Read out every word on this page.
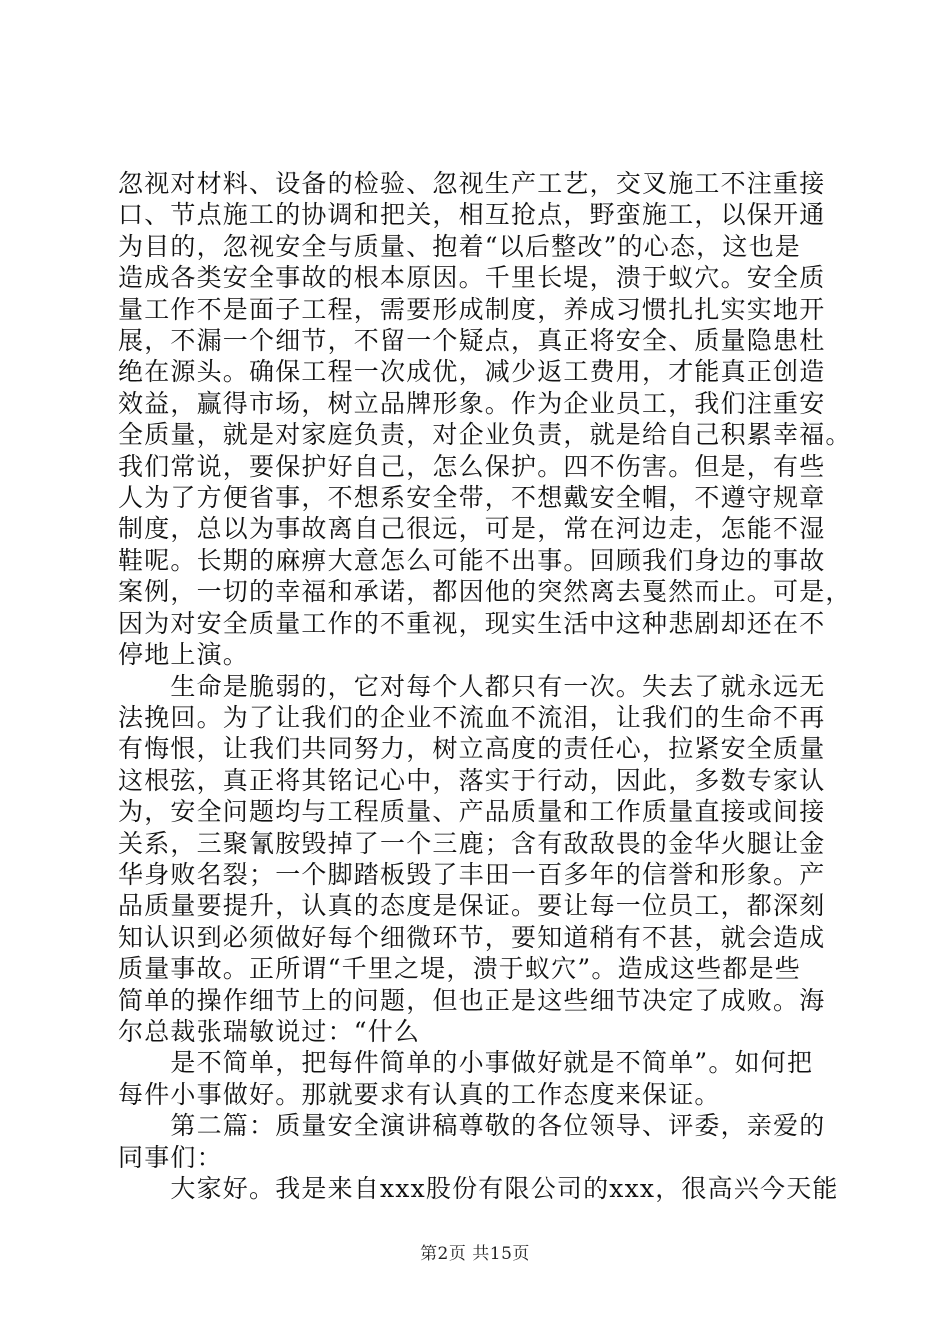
忽视对材料、设备的检验、忽视生产工艺，交叉施工不注重接
口、节点施工的协调和把关，相互抢点，野蛮施工，以保开通
为目的，忽视安全与质量、抱着“以后整改”的心态，这也是
造成各类安全事故的根本原因。千里长堤，溃于蚁穴。安全质
量工作不是面子工程，需要形成制度，养成习惯扎扎实实地开
展，不漏一个细节，不留一个疑点，真正将安全、质量隐患杜
绝在源头。确保工程一次成优，减少返工费用，才能真正创造
效益，赢得市场，树立品牌形象。作为企业员工，我们注重安
全质量，就是对家庭负责，对企业负责，就是给自己积累幸福。
我们常说，要保护好自己，怎么保护。四不伤害。但是，有些
人为了方便省事，不想系安全带，不想戴安全帽，不遵守规章
制度，总以为事故离自己很远，可是，常在河边走，怎能不湿
鞋呢。长期的麻痹大意怎么可能不出事。回顾我们身边的事故
案例，一切的幸福和承诺，都因他的突然离去戛然而止。可是，
因为对安全质量工作的不重视，现实生活中这种悲剧却还在不
停地上演。
　　生命是脆弱的，它对每个人都只有一次。失去了就永远无
法挽回。为了让我们的企业不流血不流泪，让我们的生命不再
有悔恨，让我们共同努力，树立高度的责任心，拉紧安全质量
这根弦，真正将其铭记心中，落实于行动，因此，多数专家认
为，安全问题均与工程质量、产品质量和工作质量直接或间接
关系，三聚氰胺毁掉了一个三鹿；含有敌敌畏的金华火腿让金
华身败名裂；一个脚踏板毁了丰田一百多年的信誉和形象。产
品质量要提升，认真的态度是保证。要让每一位员工，都深刻
知认识到必须做好每个细微环节，要知道稍有不甚，就会造成
质量事故。正所谓“千里之堤，溃于蚁穴”。造成这些都是些
简单的操作细节上的问题，但也正是这些细节决定了成败。海
尔总裁张瑞敏说过：“什么
　　是不简单，把每件简单的小事做好就是不简单”。如何把
每件小事做好。那就要求有认真的工作态度来保证。
　　第二篇：质量安全演讲稿尊敬的各位领导、评委，亲爱的
同事们：
　　大家好。我是来自xxx股份有限公司的xxx，很高兴今天能
第2页 共15页
